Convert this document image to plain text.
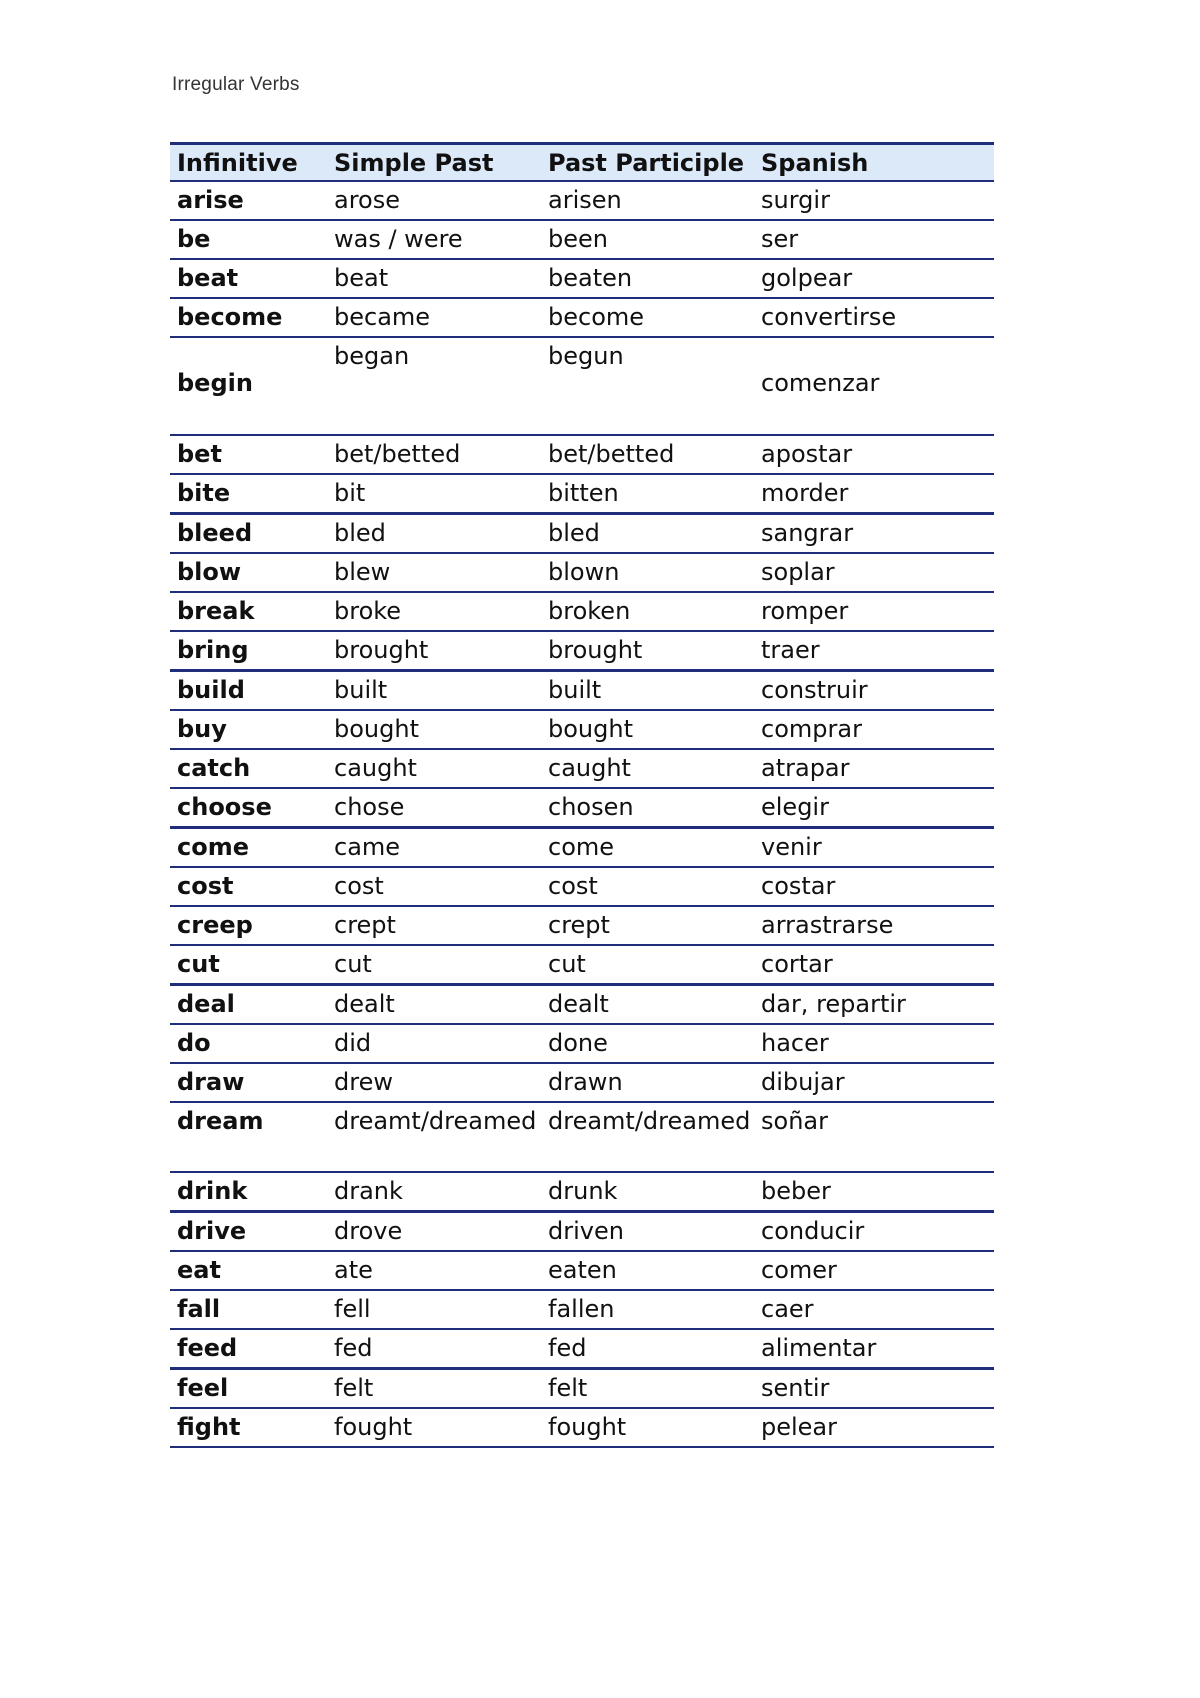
Irregular Verbs
Infinitive	Simple Past	Past Participle	Spanish
arise	arose	arisen	surgir
be	was / were	been	ser
beat	beat	beaten	golpear
become	became	become	convertirse
begin	began	begun	comenzar
bet	bet/betted	bet/betted	apostar
bite	bit	bitten	morder
bleed	bled	bled	sangrar
blow	blew	blown	soplar
break	broke	broken	romper
bring	brought	brought	traer
build	built	built	construir
buy	bought	bought	comprar
catch	caught	caught	atrapar
choose	chose	chosen	elegir
come	came	come	venir
cost	cost	cost	costar
creep	crept	crept	arrastrarse
cut	cut	cut	cortar
deal	dealt	dealt	dar, repartir
do	did	done	hacer
draw	drew	drawn	dibujar
dream	dreamt/dreamed	dreamt/dreamed	soñar
drink	drank	drunk	beber
drive	drove	driven	conducir
eat	ate	eaten	comer
fall	fell	fallen	caer
feed	fed	fed	alimentar
feel	felt	felt	sentir
fight	fought	fought	pelear
